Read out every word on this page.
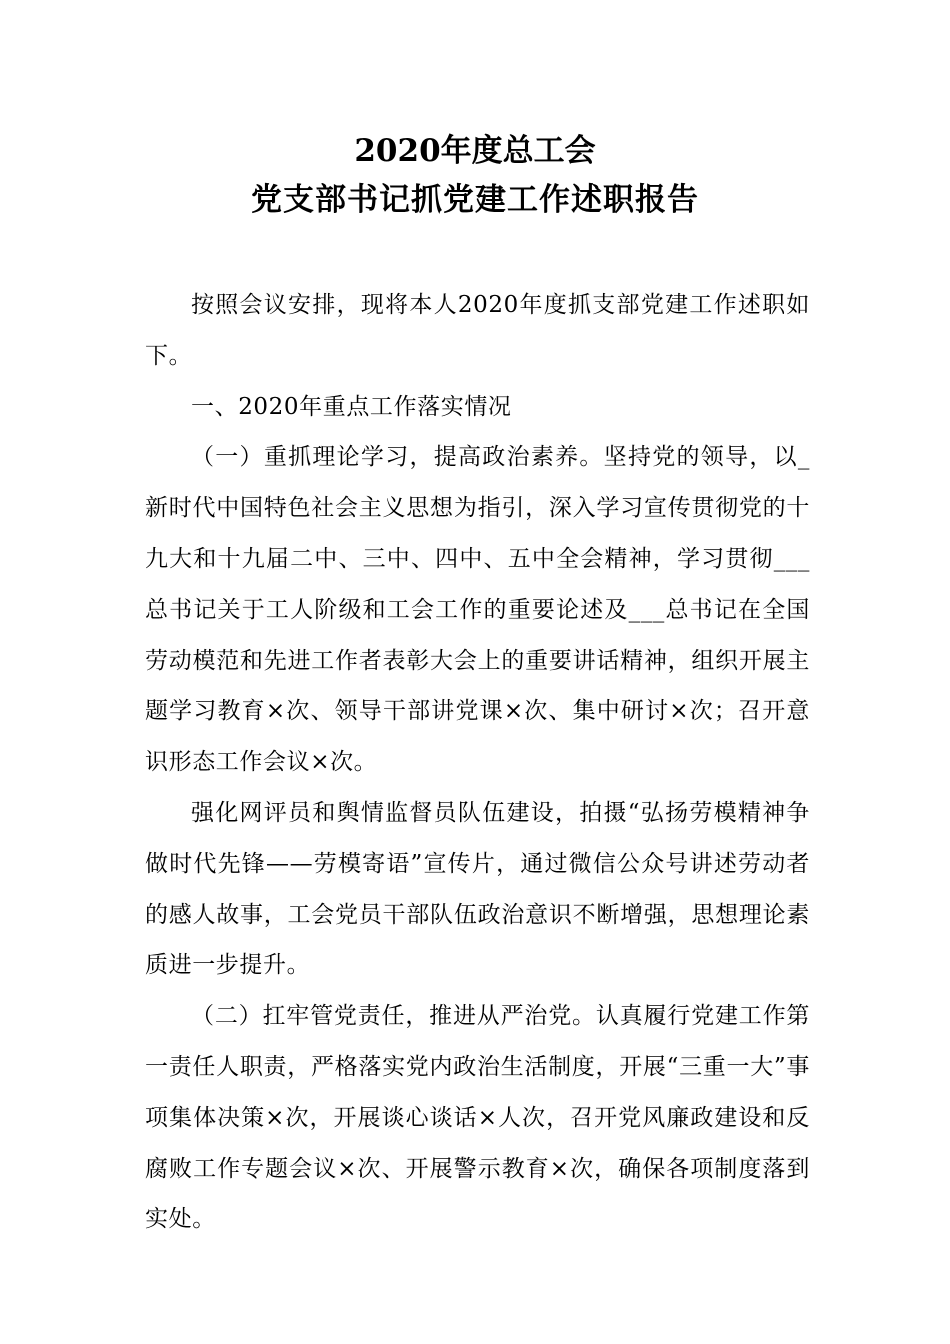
2020年度总工会
党支部书记抓党建工作述职报告

按照会议安排，现将本人2020年度抓支部党建工作述职如下。

一、2020年重点工作落实情况

（一）重抓理论学习，提高政治素养。坚持党的领导，以_新时代中国特色社会主义思想为指引，深入学习宣传贯彻党的十九大和十九届二中、三中、四中、五中全会精神，学习贯彻___总书记关于工人阶级和工会工作的重要论述及___总书记在全国劳动模范和先进工作者表彰大会上的重要讲话精神，组织开展主题学习教育×次、领导干部讲党课×次、集中研讨×次；召开意识形态工作会议×次。

强化网评员和舆情监督员队伍建设，拍摄“弘扬劳模精神争做时代先锋——劳模寄语”宣传片，通过微信公众号讲述劳动者的感人故事，工会党员干部队伍政治意识不断增强，思想理论素质进一步提升。

（二）扛牢管党责任，推进从严治党。认真履行党建工作第一责任人职责，严格落实党内政治生活制度，开展“三重一大”事项集体决策×次，开展谈心谈话×人次，召开党风廉政建设和反腐败工作专题会议×次、开展警示教育×次，确保各项制度落到实处。
